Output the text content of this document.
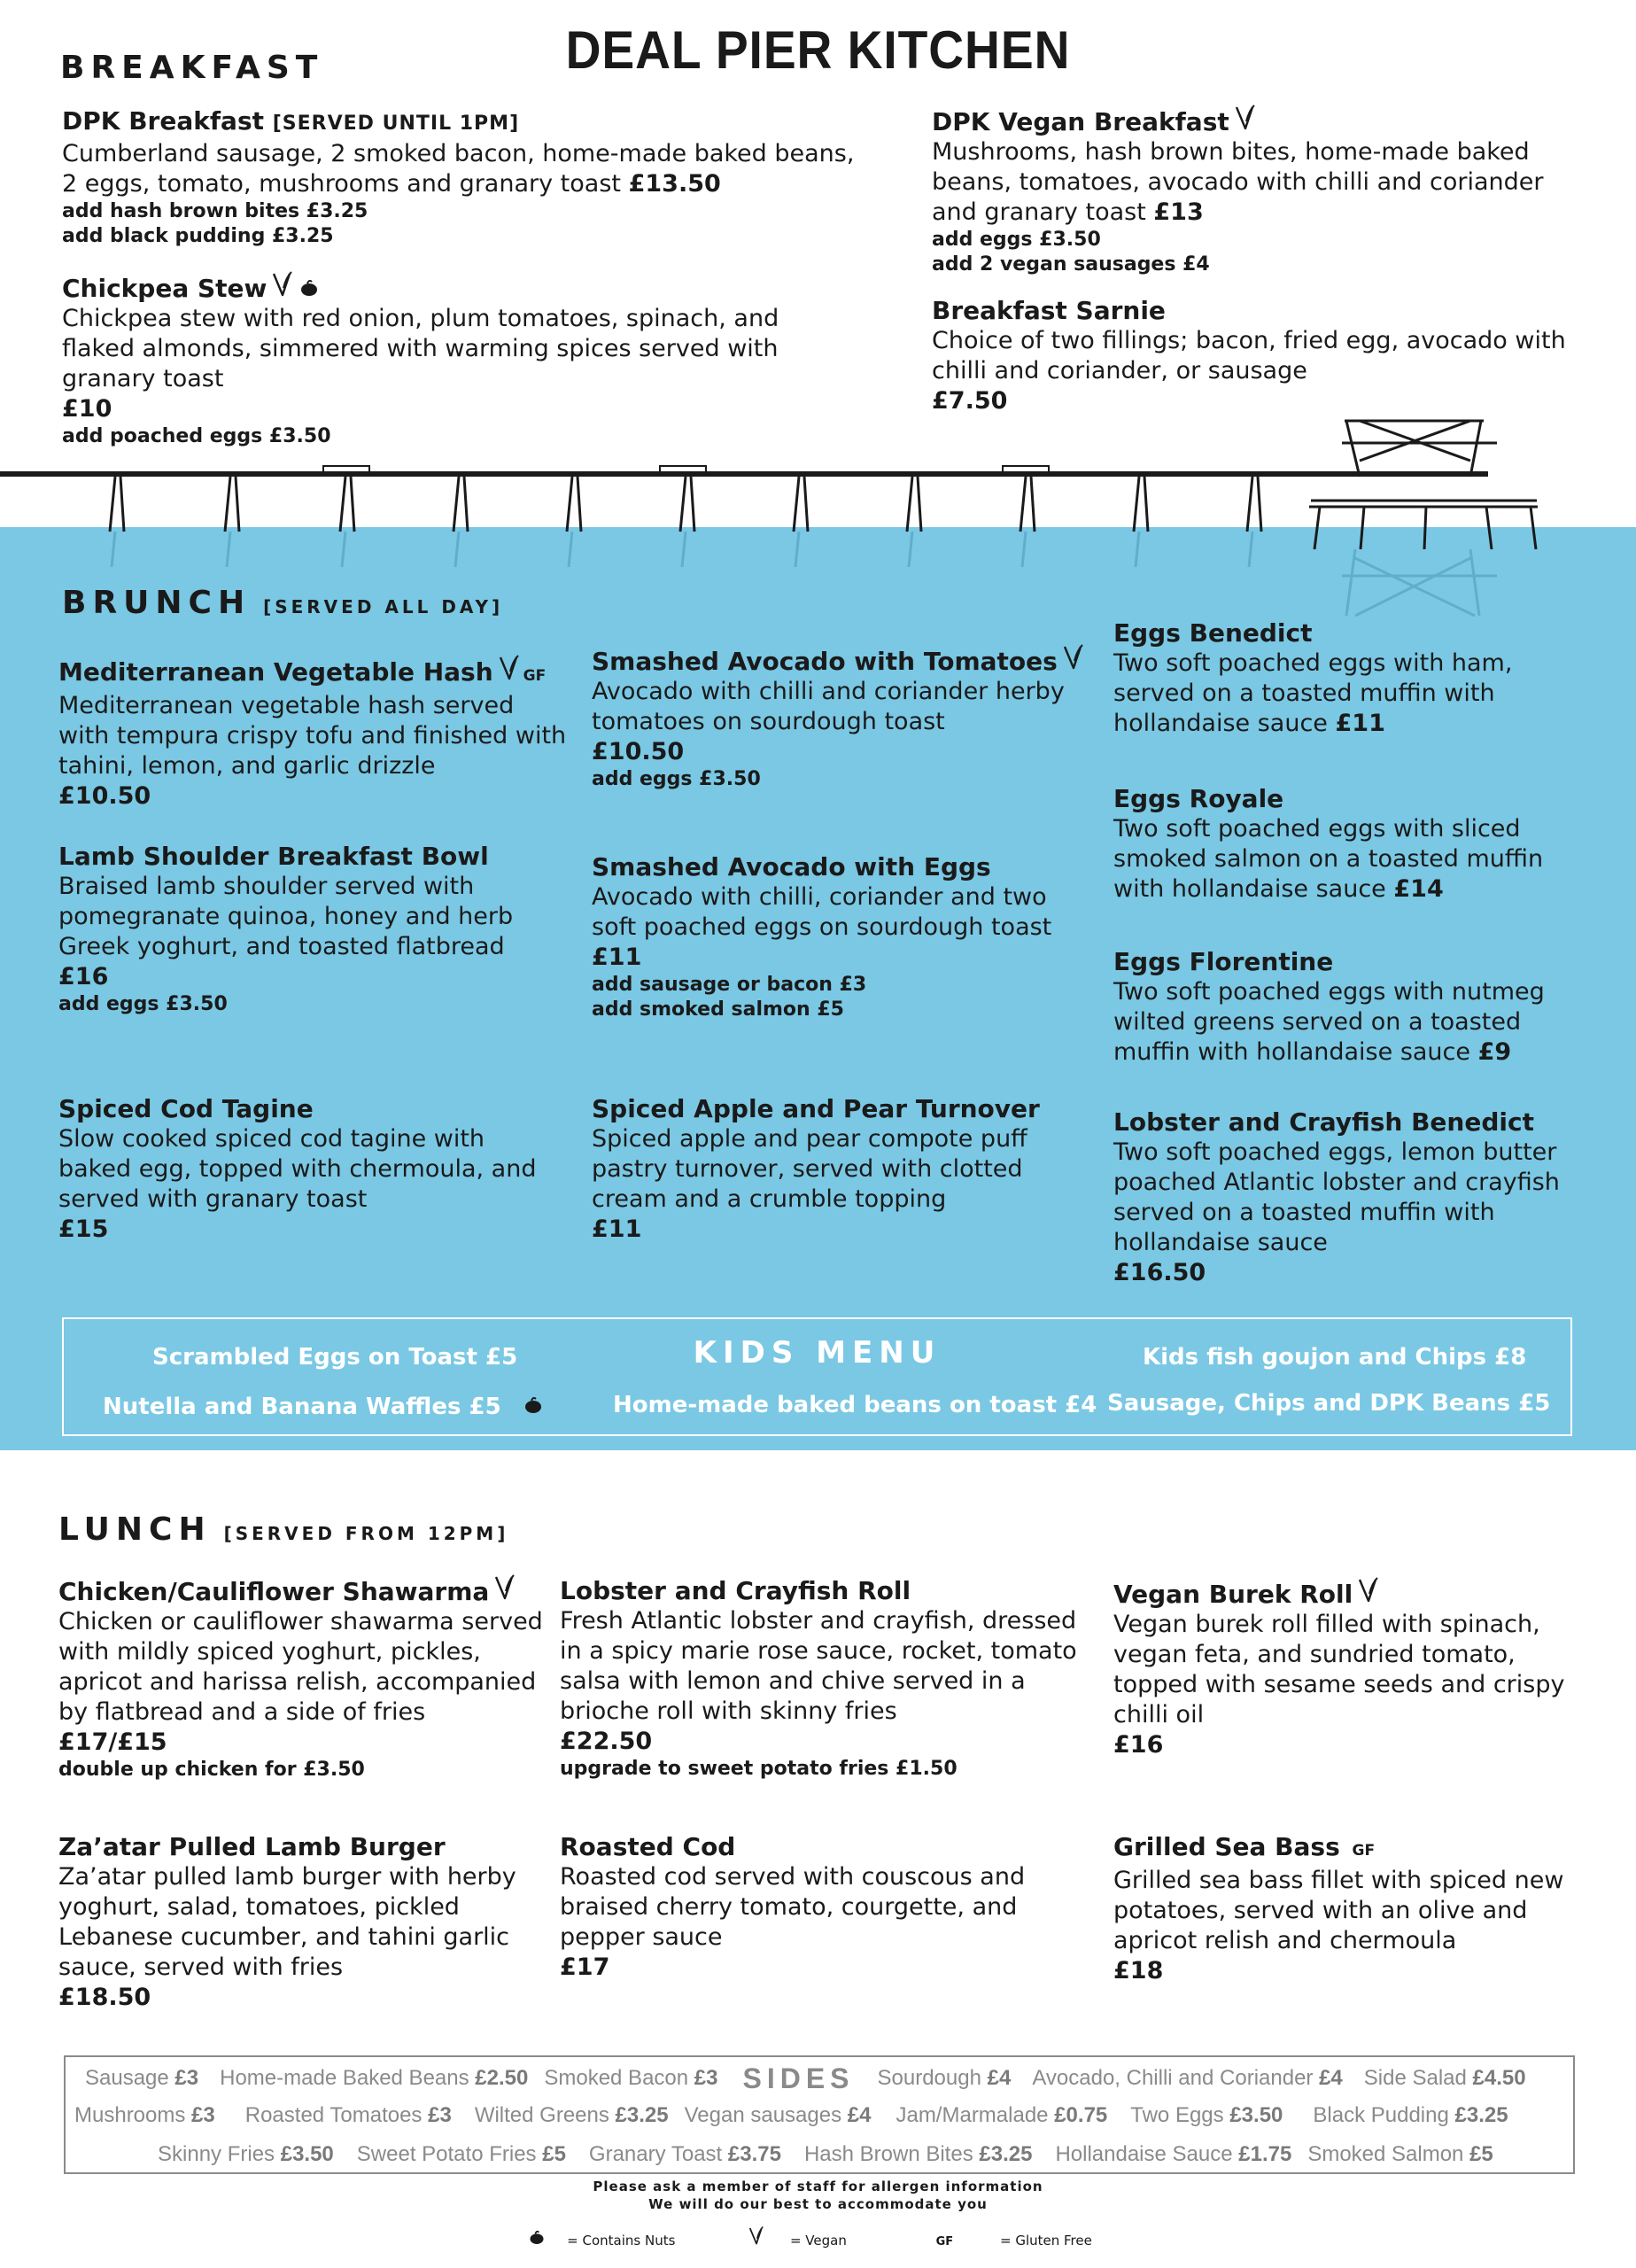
DEAL PIER KITCHEN
BREAKFAST
DPK Breakfast [SERVED UNTIL 1PM]
Cumberland sausage, 2 smoked bacon, home-made baked beans, 2 eggs, tomato, mushrooms and granary toast £13.50
add hash brown bites £3.25
add black pudding £3.25
Chickpea Stew
Chickpea stew with red onion, plum tomatoes, spinach, and flaked almonds, simmered with warming spices served with granary toast
£10
add poached eggs £3.50
DPK Vegan Breakfast
Mushrooms, hash brown bites, home-made baked beans, tomatoes, avocado with chilli and coriander and granary toast £13
add eggs £3.50
add 2 vegan sausages £4
Breakfast Sarnie
Choice of two fillings; bacon, fried egg, avocado with chilli and coriander, or sausage
£7.50
BRUNCH [SERVED ALL DAY]
Mediterranean Vegetable Hash GF
Mediterranean vegetable hash served with tempura crispy tofu and finished with tahini, lemon, and garlic drizzle
£10.50
Lamb Shoulder Breakfast Bowl
Braised lamb shoulder served with pomegranate quinoa, honey and herb Greek yoghurt, and toasted flatbread
£16
add eggs £3.50
Spiced Cod Tagine
Slow cooked spiced cod tagine with baked egg, topped with chermoula, and served with granary toast
£15
Smashed Avocado with Tomatoes
Avocado with chilli and coriander herby tomatoes on sourdough toast
£10.50
add eggs £3.50
Smashed Avocado with Eggs
Avocado with chilli, coriander and two soft poached eggs on sourdough toast £11
add sausage or bacon £3
add smoked salmon £5
Spiced Apple and Pear Turnover
Spiced apple and pear compote puff pastry turnover, served with clotted cream and a crumble topping
£11
Eggs Benedict
Two soft poached eggs with ham, served on a toasted muffin with hollandaise sauce £11
Eggs Royale
Two soft poached eggs with sliced smoked salmon on a toasted muffin with hollandaise sauce £14
Eggs Florentine
Two soft poached eggs with nutmeg wilted greens served on a toasted muffin with hollandaise sauce £9
Lobster and Crayfish Benedict
Two soft poached eggs, lemon butter poached Atlantic lobster and crayfish served on a toasted muffin with hollandaise sauce
£16.50
KIDS MENU
Scrambled Eggs on Toast £5
Nutella and Banana Waffles £5	Home-made baked beans on toast £4
Kids fish goujon and Chips £8
Sausage, Chips and DPK Beans £5
LUNCH [SERVED FROM 12PM]
Chicken/Cauliflower Shawarma
Chicken or cauliflower shawarma served with mildly spiced yoghurt, pickles, apricot and harissa relish, accompanied by flatbread and a side of fries
£17/£15
double up chicken for £3.50
Za’atar Pulled Lamb Burger
Za’atar pulled lamb burger with herby yoghurt, salad, tomatoes, pickled Lebanese cucumber, and tahini garlic sauce, served with fries
£18.50
Lobster and Crayfish Roll
Fresh Atlantic lobster and crayfish, dressed in a spicy marie rose sauce, rocket, tomato salsa with lemon and chive served in a brioche roll with skinny fries
£22.50
upgrade to sweet potato fries £1.50
Roasted Cod
Roasted cod served with couscous and braised cherry tomato, courgette, and pepper sauce
£17
Vegan Burek Roll
Vegan burek roll filled with spinach, vegan feta, and sundried tomato, topped with sesame seeds and crispy chilli oil
£16
Grilled Sea Bass GF
Grilled sea bass fillet with spiced new potatoes, served with an olive and apricot relish and chermoula
£18
Sausage £3 Home-made Baked Beans £2.50 Smoked Bacon £3 SIDES Sourdough £4 Avocado, Chilli and Coriander £4 Side Salad £4.50
Mushrooms £3 Roasted Tomatoes £3 Wilted Greens £3.25 Vegan sausages £4 Jam/Marmalade £0.75 Two Eggs £3.50 Black Pudding £3.25
Skinny Fries £3.50 Sweet Potato Fries £5 Granary Toast £3.75 Hash Brown Bites £3.25 Hollandaise Sauce £1.75 Smoked Salmon £5
Please ask a member of staff for allergen information
We will do our best to accommodate you
= Contains Nuts	= Vegan	GF	= Gluten Free
